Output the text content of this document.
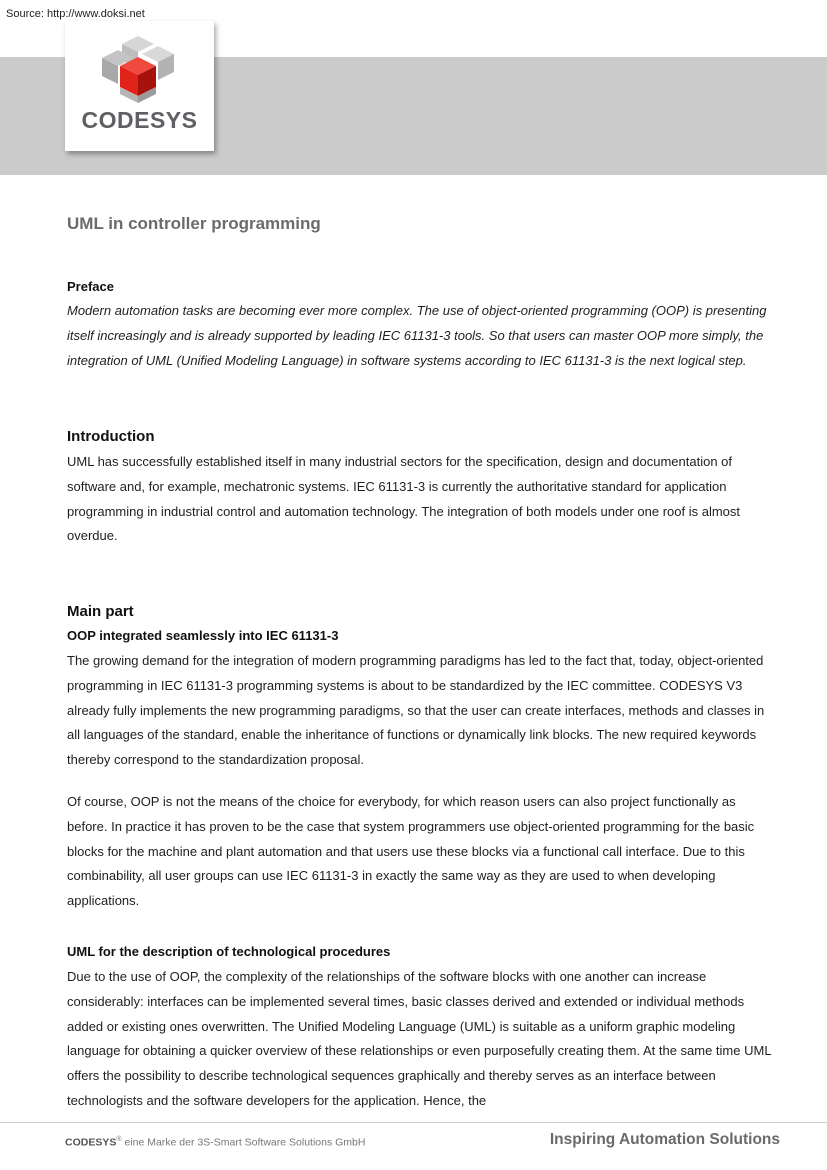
Source: http://www.doksi.net
CODESYS
UML in controller programming
Preface

Modern automation tasks are becoming ever more complex. The use of object-oriented programming (OOP) is presenting itself increasingly and is already supported by leading IEC 61131-3 tools. So that users can master OOP more simply, the integration of UML (Unified Modeling Language) in software systems according to IEC 61131-3 is the next logical step.

Introduction

UML has successfully established itself in many industrial sectors for the specification, design and documentation of software and, for example, mechatronic systems. IEC 61131-3 is currently the authoritative standard for application programming in industrial control and automation technology. The integration of both models under one roof is almost overdue.

Main part
OOP integrated seamlessly into IEC 61131-3

The growing demand for the integration of modern programming paradigms has led to the fact that, today, object-oriented programming in IEC 61131-3 programming systems is about to be standardized by the IEC committee. CODESYS V3 already fully implements the new programming paradigms, so that the user can create interfaces, methods and classes in all languages of the standard, enable the inheritance of functions or dynamically link blocks. The new required keywords thereby correspond to the standardization proposal.

Of course, OOP is not the means of the choice for everybody, for which reason users can also project functionally as before. In practice it has proven to be the case that system programmers use object-oriented programming for the basic blocks for the machine and plant automation and that users use these blocks via a functional call interface. Due to this combinability, all user groups can use IEC 61131-3 in exactly the same way as they are used to when developing applications.

UML for the description of technological procedures

Due to the use of OOP, the complexity of the relationships of the software blocks with one another can increase considerably: interfaces can be implemented several times, basic classes derived and extended or individual methods added or existing ones overwritten. The Unified Modeling Language (UML) is suitable as a uniform graphic modeling language for obtaining a quicker overview of these relationships or even purposefully creating them. At the same time UML offers the possibility to describe technological sequences graphically and thereby serves as an interface between technologists and the software developers for the application. Hence, the

CODESYS® eine Marke der 3S-Smart Software Solutions GmbH	Inspiring Automation Solutions
